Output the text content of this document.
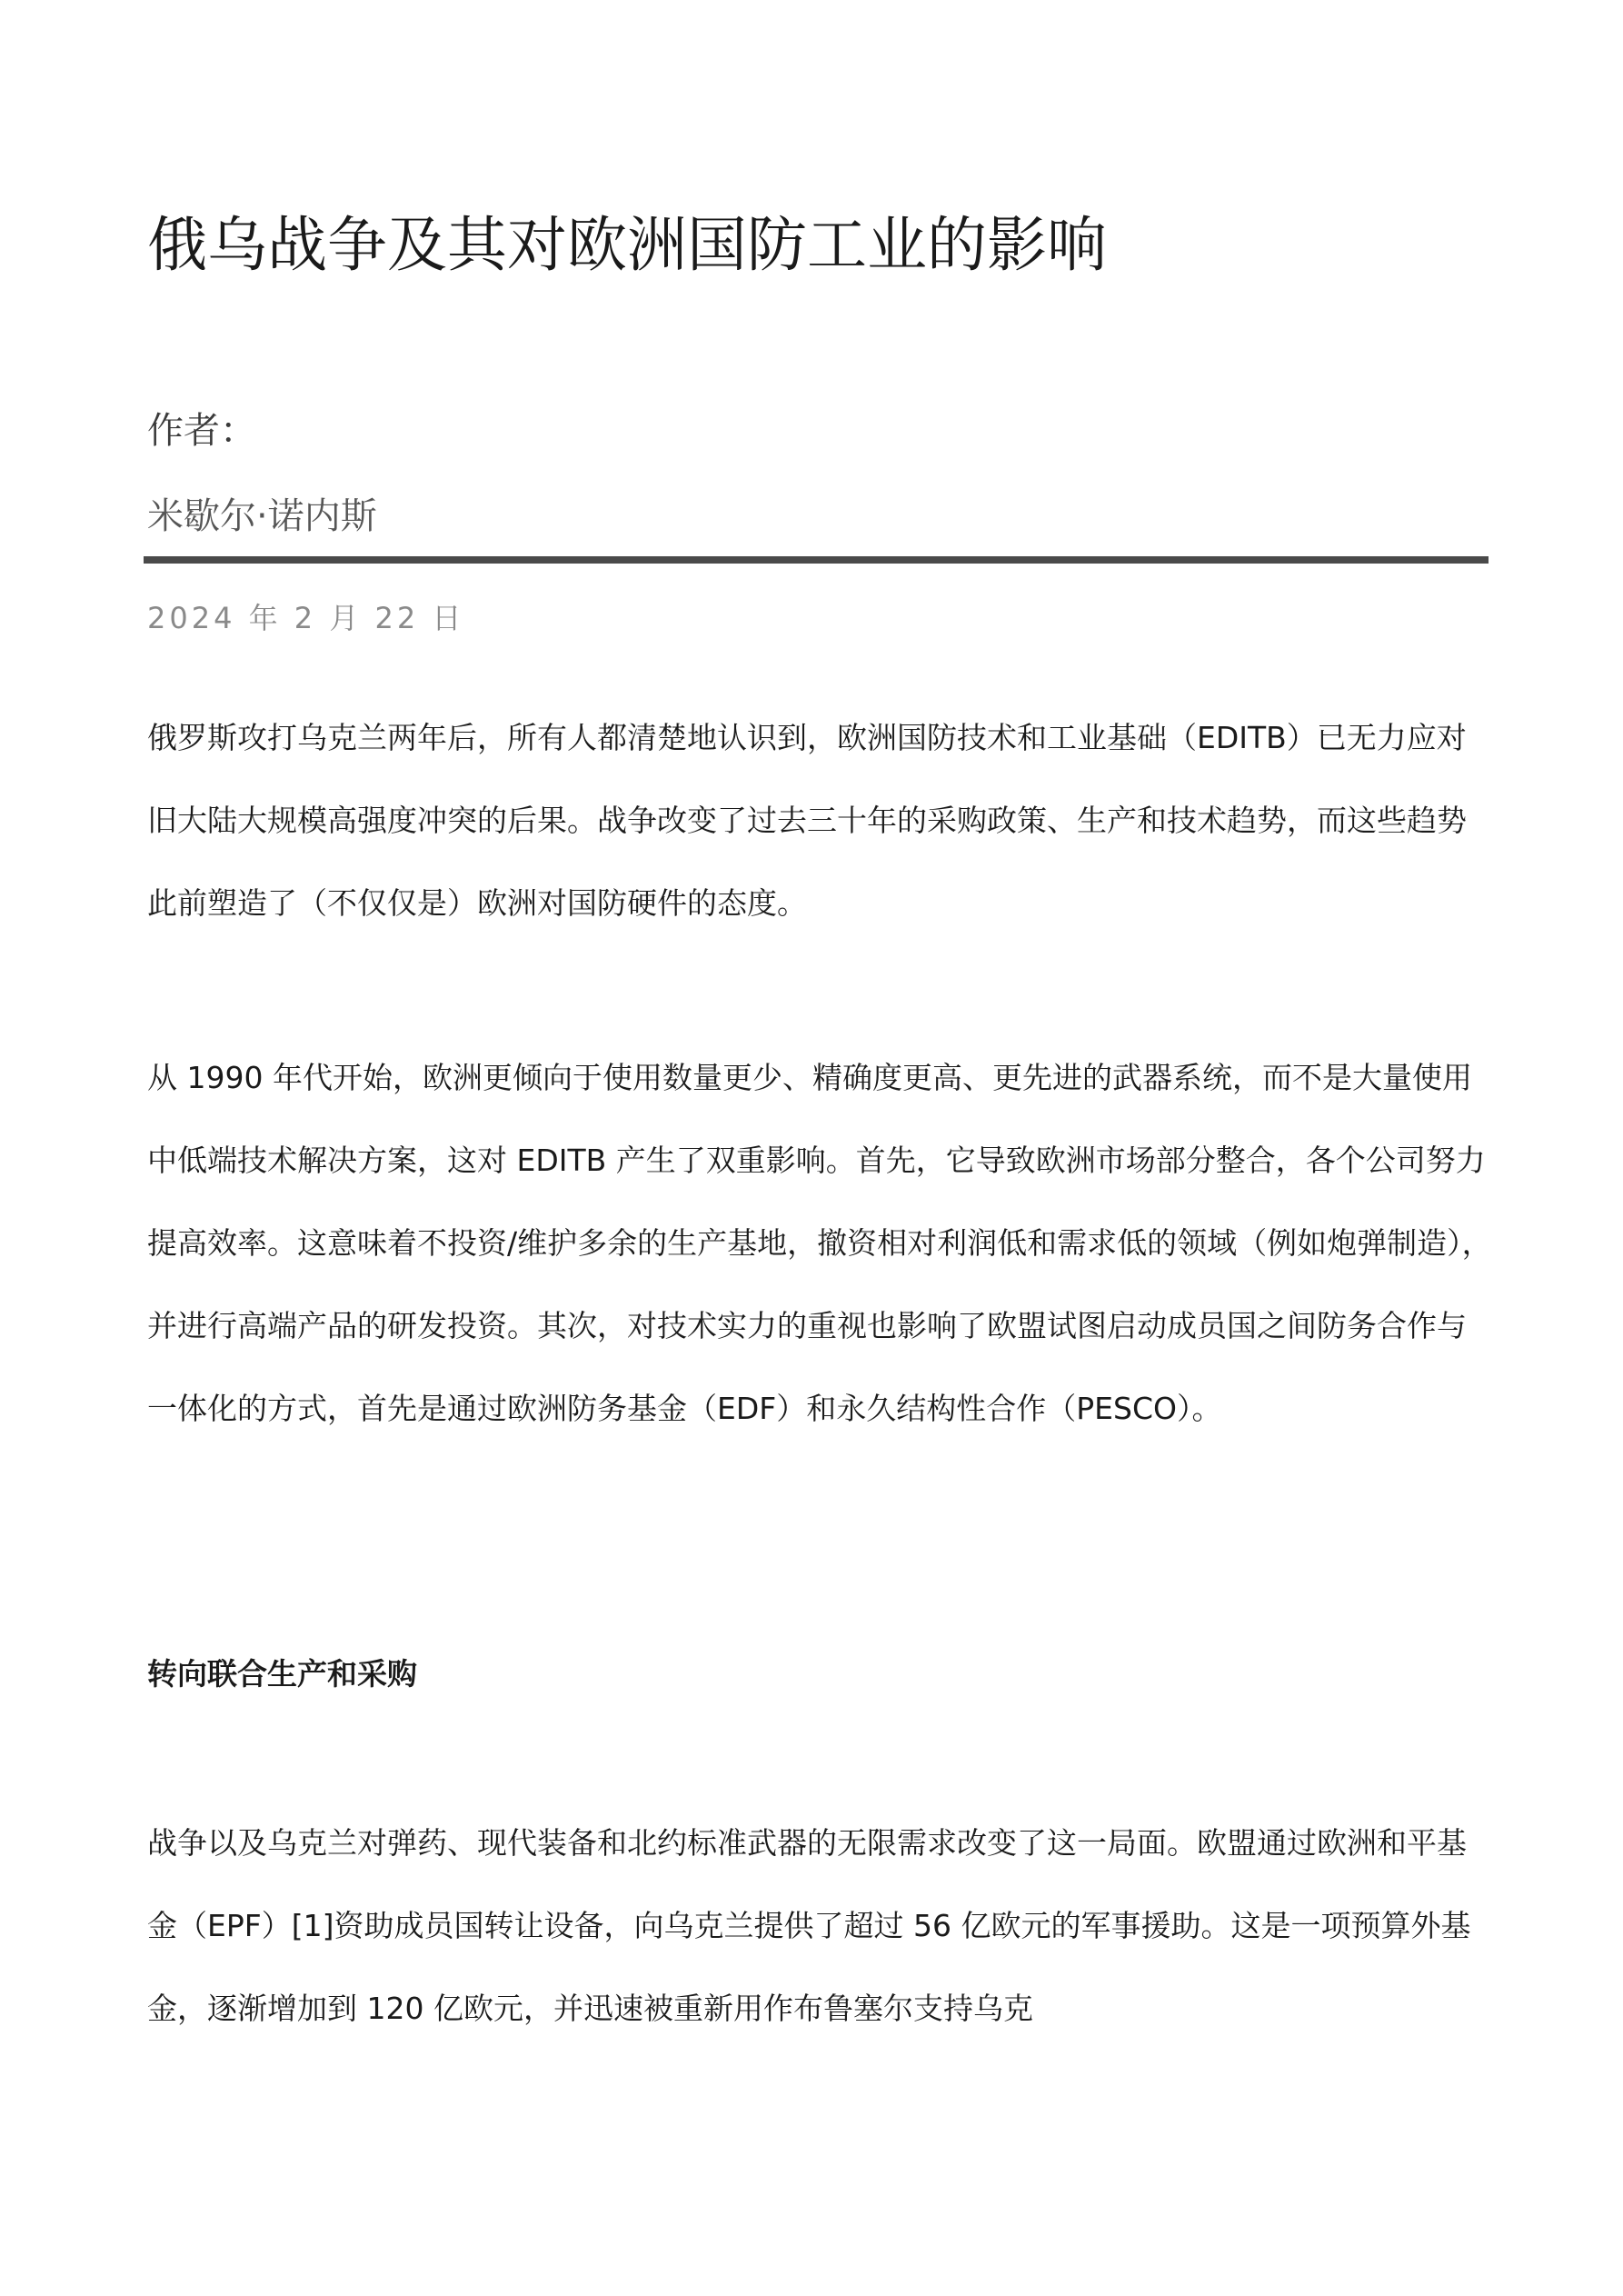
俄乌战争及其对欧洲国防工业的影响
作者：
米歇尔·诺内斯
2024 年 2 月 22 日

俄罗斯攻打乌克兰两年后，所有人都清楚地认识到，欧洲国防技术和工业基础（EDITB）已无力应对旧大陆大规模高强度冲突的后果。战争改变了过去三十年的采购政策、生产和技术趋势，而这些趋势此前塑造了（不仅仅是）欧洲对国防硬件的态度。

从 1990 年代开始，欧洲更倾向于使用数量更少、精确度更高、更先进的武器系统，而不是大量使用中低端技术解决方案，这对 EDITB 产生了双重影响。首先，它导致欧洲市场部分整合，各个公司努力提高效率。这意味着不投资/维护多余的生产基地，撤资相对利润低和需求低的领域（例如炮弹制造），并进行高端产品的研发投资。其次，对技术实力的重视也影响了欧盟试图启动成员国之间防务合作与一体化的方式，首先是通过欧洲防务基金（EDF）和永久结构性合作（PESCO）。

转向联合生产和采购

战争以及乌克兰对弹药、现代装备和北约标准武器的无限需求改变了这一局面。欧盟通过欧洲和平基金（EPF）[1]资助成员国转让设备，向乌克兰提供了超过 56 亿欧元的军事援助。这是一项预算外基金，逐渐增加到 120 亿欧元，并迅速被重新用作布鲁塞尔支持乌克
